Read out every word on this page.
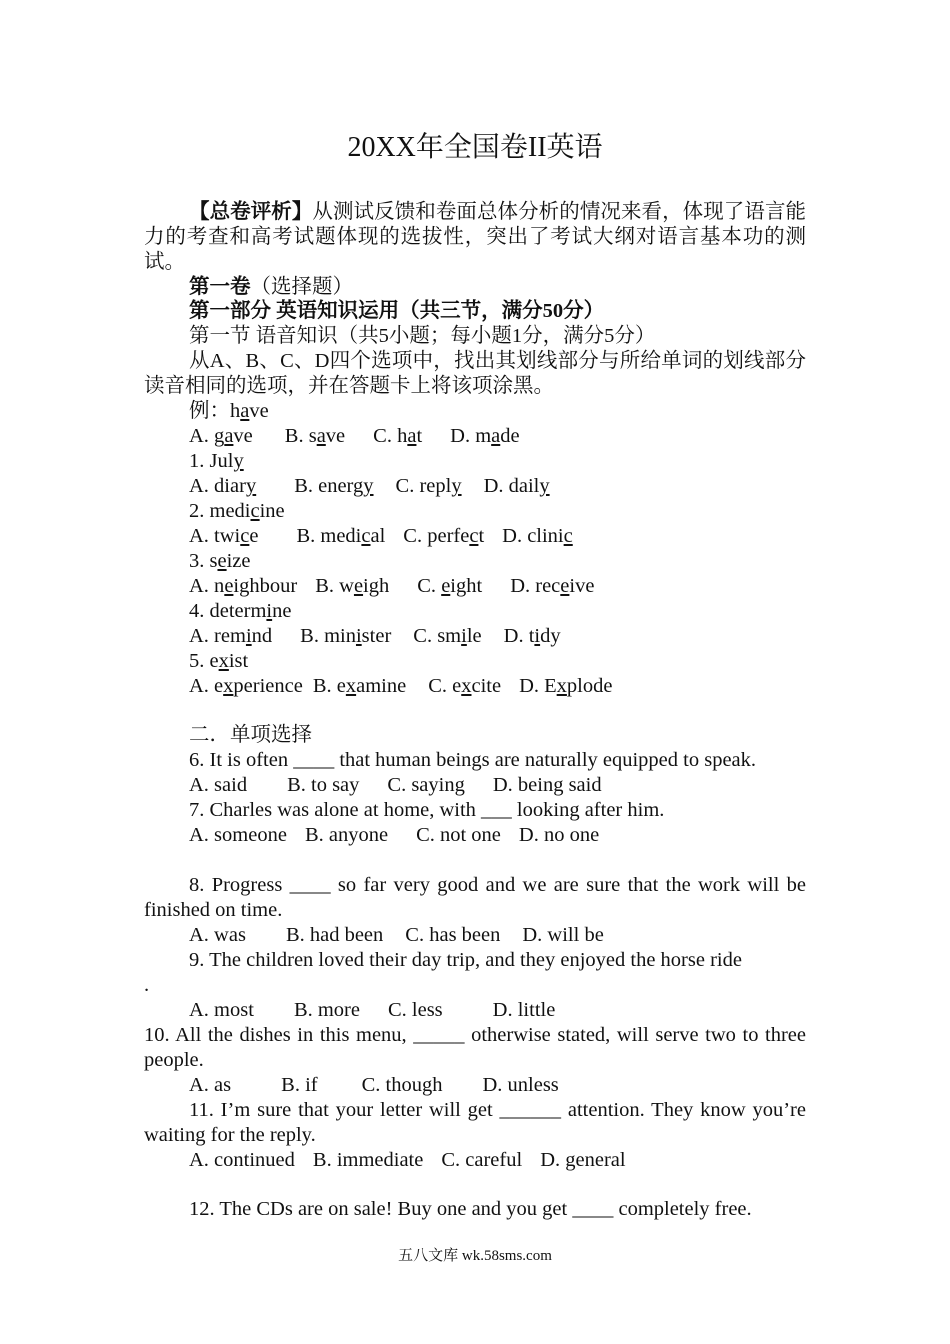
20XX年全国卷II英语
【总卷评析】从测试反馈和卷面总体分析的情况来看，体现了语言能力的考查和高考试题体现的选拔性，突出了考试大纲对语言基本功的测试。
第一卷（选择题）
第一部分 英语知识运用（共三节，满分50分）
第一节 语音知识（共5小题；每小题1分，满分5分）
从A、B、C、D四个选项中，找出其划线部分与所给单词的划线部分读音相同的选项，并在答题卡上将该项涂黑。
例：have
A. gave B. save C. hat D. made
1. July
A. diary B. energy C. reply D. daily
2. medicine
A. twice B. medical C. perfect D. clinic
3. seize
A. neighbour B. weigh C. eight D. receive
4. determine
A. remind B. minister C. smile D. tidy
5. exist
A. experience B. examine C. excite D. Explode
二．单项选择
6. It is often ____ that human beings are naturally equipped to speak.
A. said B. to say C. saying D. being said
7. Charles was alone at home, with ___ looking after him.
A. someone B. anyone C. not one D. no one
8. Progress ____ so far very good and we are sure that the work will be finished on time.
A. was B. had been C. has been D. will be
9. The children loved their day trip, and they enjoyed the horse ride
.
A. most B. more C. less D. little
10. All the dishes in this menu, _____ otherwise stated, will serve two to three people.
A. as B. if C. though D. unless
11. I’m sure that your letter will get ______ attention. They know you’re waiting for the reply.
A. continued B. immediate C. careful D. general
12. The CDs are on sale! Buy one and you get ____ completely free.
五八文库 wk.58sms.com
